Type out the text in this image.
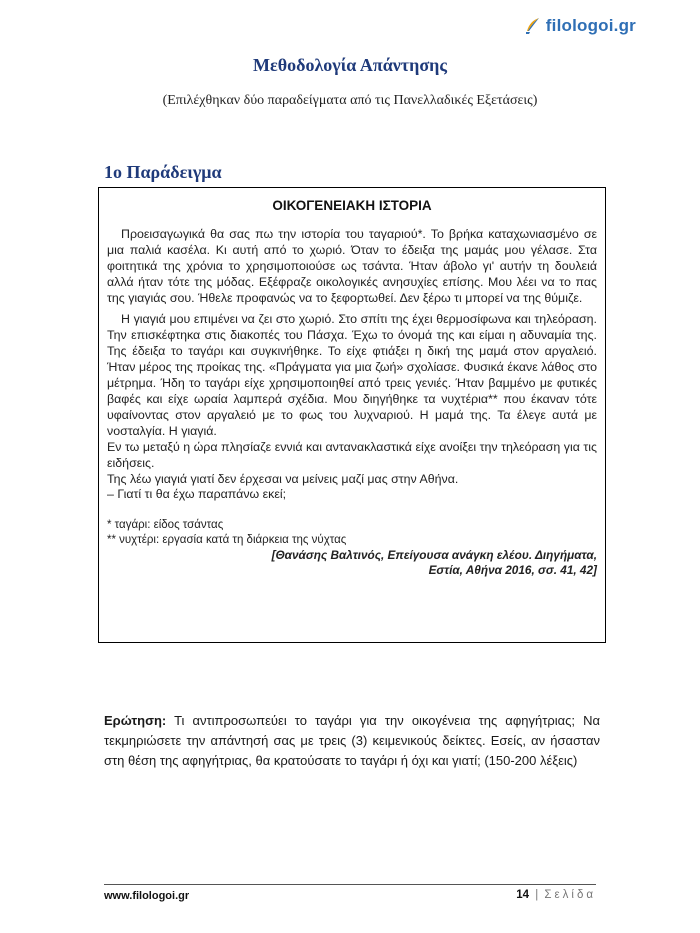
filologoi.gr
Μεθοδολογία Απάντησης

(Επιλέχθηκαν δύο παραδείγματα από τις Πανελλαδικές Εξετάσεις)

1ο Παράδειγμα

ΟΙΚΟΓΕΝΕΙΑΚΗ ΙΣΤΟΡΙΑ

Προεισαγωγικά θα σας πω την ιστορία του ταγαριού*. Το βρήκα καταχωνιασμένο σε μια παλιά κασέλα. Κι αυτή από το χωριό. Όταν το έδειξα της μαμάς μου γέλασε. Στα φοιτητικά της χρόνια το χρησιμοποιούσε ως τσάντα. Ήταν άβολο γι' αυτήν τη δουλειά αλλά ήταν τότε της μόδας. Εξέφραζε οικολογικές ανησυχίες επίσης. Μου λέει να το πας της γιαγιάς σου. Ήθελε προφανώς να το ξεφορτωθεί. Δεν ξέρω τι μπορεί να της θύμιζε.

Η γιαγιά μου επιμένει να ζει στο χωριό. Στο σπίτι της έχει θερμοσίφωνα και τηλεόραση. Την επισκέφτηκα στις διακοπές του Πάσχα. Έχω το όνομά της και είμαι η αδυναμία της. Της έδειξα το ταγάρι και συγκινήθηκε. Το είχε φτιάξει η δική της μαμά στον αργαλειό. Ήταν μέρος της προίκας της. «Πράγματα για μια ζωή» σχολίασε. Φυσικά έκανε λάθος στο μέτρημα. Ήδη το ταγάρι είχε χρησιμοποιηθεί από τρεις γενιές. Ήταν βαμμένο με φυτικές βαφές και είχε ωραία λαμπερά σχέδια. Μου διηγήθηκε τα νυχτέρια** που έκαναν τότε υφαίνοντας στον αργαλειό με το φως του λυχναριού. Η μαμά της. Τα έλεγε αυτά με νοσταλγία. Η γιαγιά.

Εν τω μεταξύ η ώρα πλησίαζε εννιά και αντανακλαστικά είχε ανοίξει την τηλεόραση για τις ειδήσεις.

Της λέω γιαγιά γιατί δεν έρχεσαι να μείνεις μαζί μας στην Αθήνα.

– Γιατί τι θα έχω παραπάνω εκεί;

* ταγάρι: είδος τσάντας

** νυχτέρι: εργασία κατά τη διάρκεια της νύχτας

[Θανάσης Βαλτινός, Επείγουσα ανάγκη ελέου. Διηγήματα,

Εστία, Αθήνα 2016, σσ. 41, 42]

Ερώτηση: Τι αντιπροσωπεύει το ταγάρι για την οικογένεια της αφηγήτριας; Να τεκμηριώσετε την απάντησή σας με τρεις (3) κειμενικούς δείκτες. Εσείς, αν ήσασταν στη θέση της αφηγήτριας, θα κρατούσατε το ταγάρι ή όχι και γιατί; (150-200 λέξεις)

www.filologoi.gr	14 | Σελίδα
